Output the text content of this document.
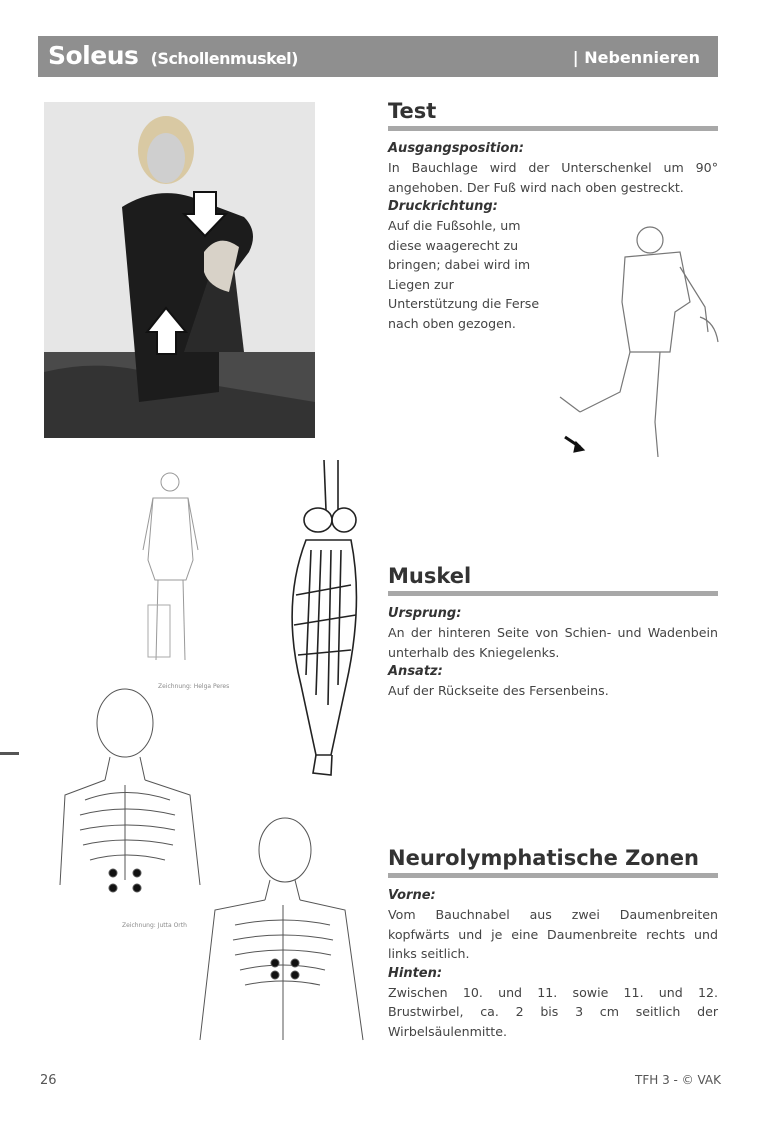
Soleus (Schollenmuskel)	| Nebennieren
Test
Ausgangsposition:
In Bauchlage wird der Unterschenkel um 90° angehoben. Der Fuß wird nach oben gestreckt.
Druckrichtung:
Auf die Fußsohle, um diese waagerecht zu bringen; dabei wird im Liegen zur Unterstützung die Ferse nach oben gezogen.
Zeichnung: Helga Peres
Muskel
Ursprung:
An der hinteren Seite von Schien- und Wadenbein unterhalb des Kniegelenks.
Ansatz:
Auf der Rückseite des Fersenbeins.
Zeichnung: Jutta Orth
Neurolymphatische Zonen
Vorne:
Vom Bauchnabel aus zwei Daumenbreiten kopfwärts und je eine Daumenbreite rechts und links seitlich.
Hinten:
Zwischen 10. und 11. sowie 11. und 12. Brustwirbel, ca. 2 bis 3 cm seitlich der Wirbelsäulenmitte.
26	TFH 3 - © VAK
